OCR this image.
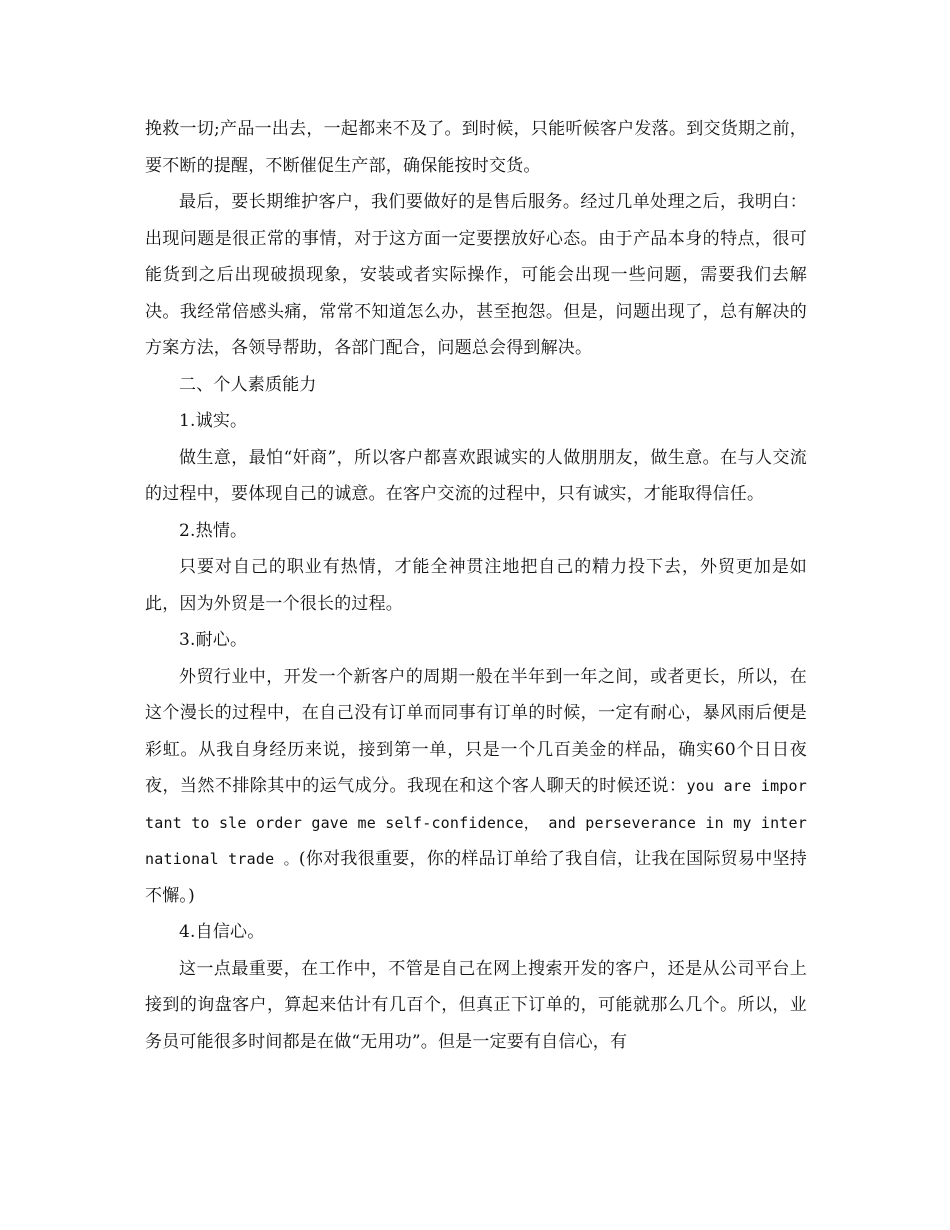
挽救一切;产品一出去，一起都来不及了。到时候，只能听候客户发落。到交货期之前，要不断的提醒，不断催促生产部，确保能按时交货。

最后，要长期维护客户，我们要做好的是售后服务。经过几单处理之后，我明白：出现问题是很正常的事情，对于这方面一定要摆放好心态。由于产品本身的特点，很可能货到之后出现破损现象，安装或者实际操作，可能会出现一些问题，需要我们去解决。我经常倍感头痛，常常不知道怎么办，甚至抱怨。但是，问题出现了，总有解决的方案方法，各领导帮助，各部门配合，问题总会得到解决。

二、个人素质能力

1.诚实。

做生意，最怕“奸商”，所以客户都喜欢跟诚实的人做朋朋友，做生意。在与人交流的过程中，要体现自己的诚意。在客户交流的过程中，只有诚实，才能取得信任。

2.热情。

只要对自己的职业有热情，才能全神贯注地把自己的精力投下去，外贸更加是如此，因为外贸是一个很长的过程。

3.耐心。

外贸行业中，开发一个新客户的周期一般在半年到一年之间，或者更长，所以，在这个漫长的过程中，在自己没有订单而同事有订单的时候，一定有耐心，暴风雨后便是彩虹。从我自身经历来说，接到第一单，只是一个几百美金的样品，确实60个日日夜夜，当然不排除其中的运气成分。我现在和这个客人聊天的时候还说：you are important to sle order gave me self-confidence， and perseverance in my international trade 。(你对我很重要，你的样品订单给了我自信，让我在国际贸易中坚持不懈。)

4.自信心。

这一点最重要，在工作中，不管是自己在网上搜索开发的客户，还是从公司平台上接到的询盘客户，算起来估计有几百个，但真正下订单的，可能就那么几个。所以，业务员可能很多时间都是在做“无用功”。但是一定要有自信心，有
